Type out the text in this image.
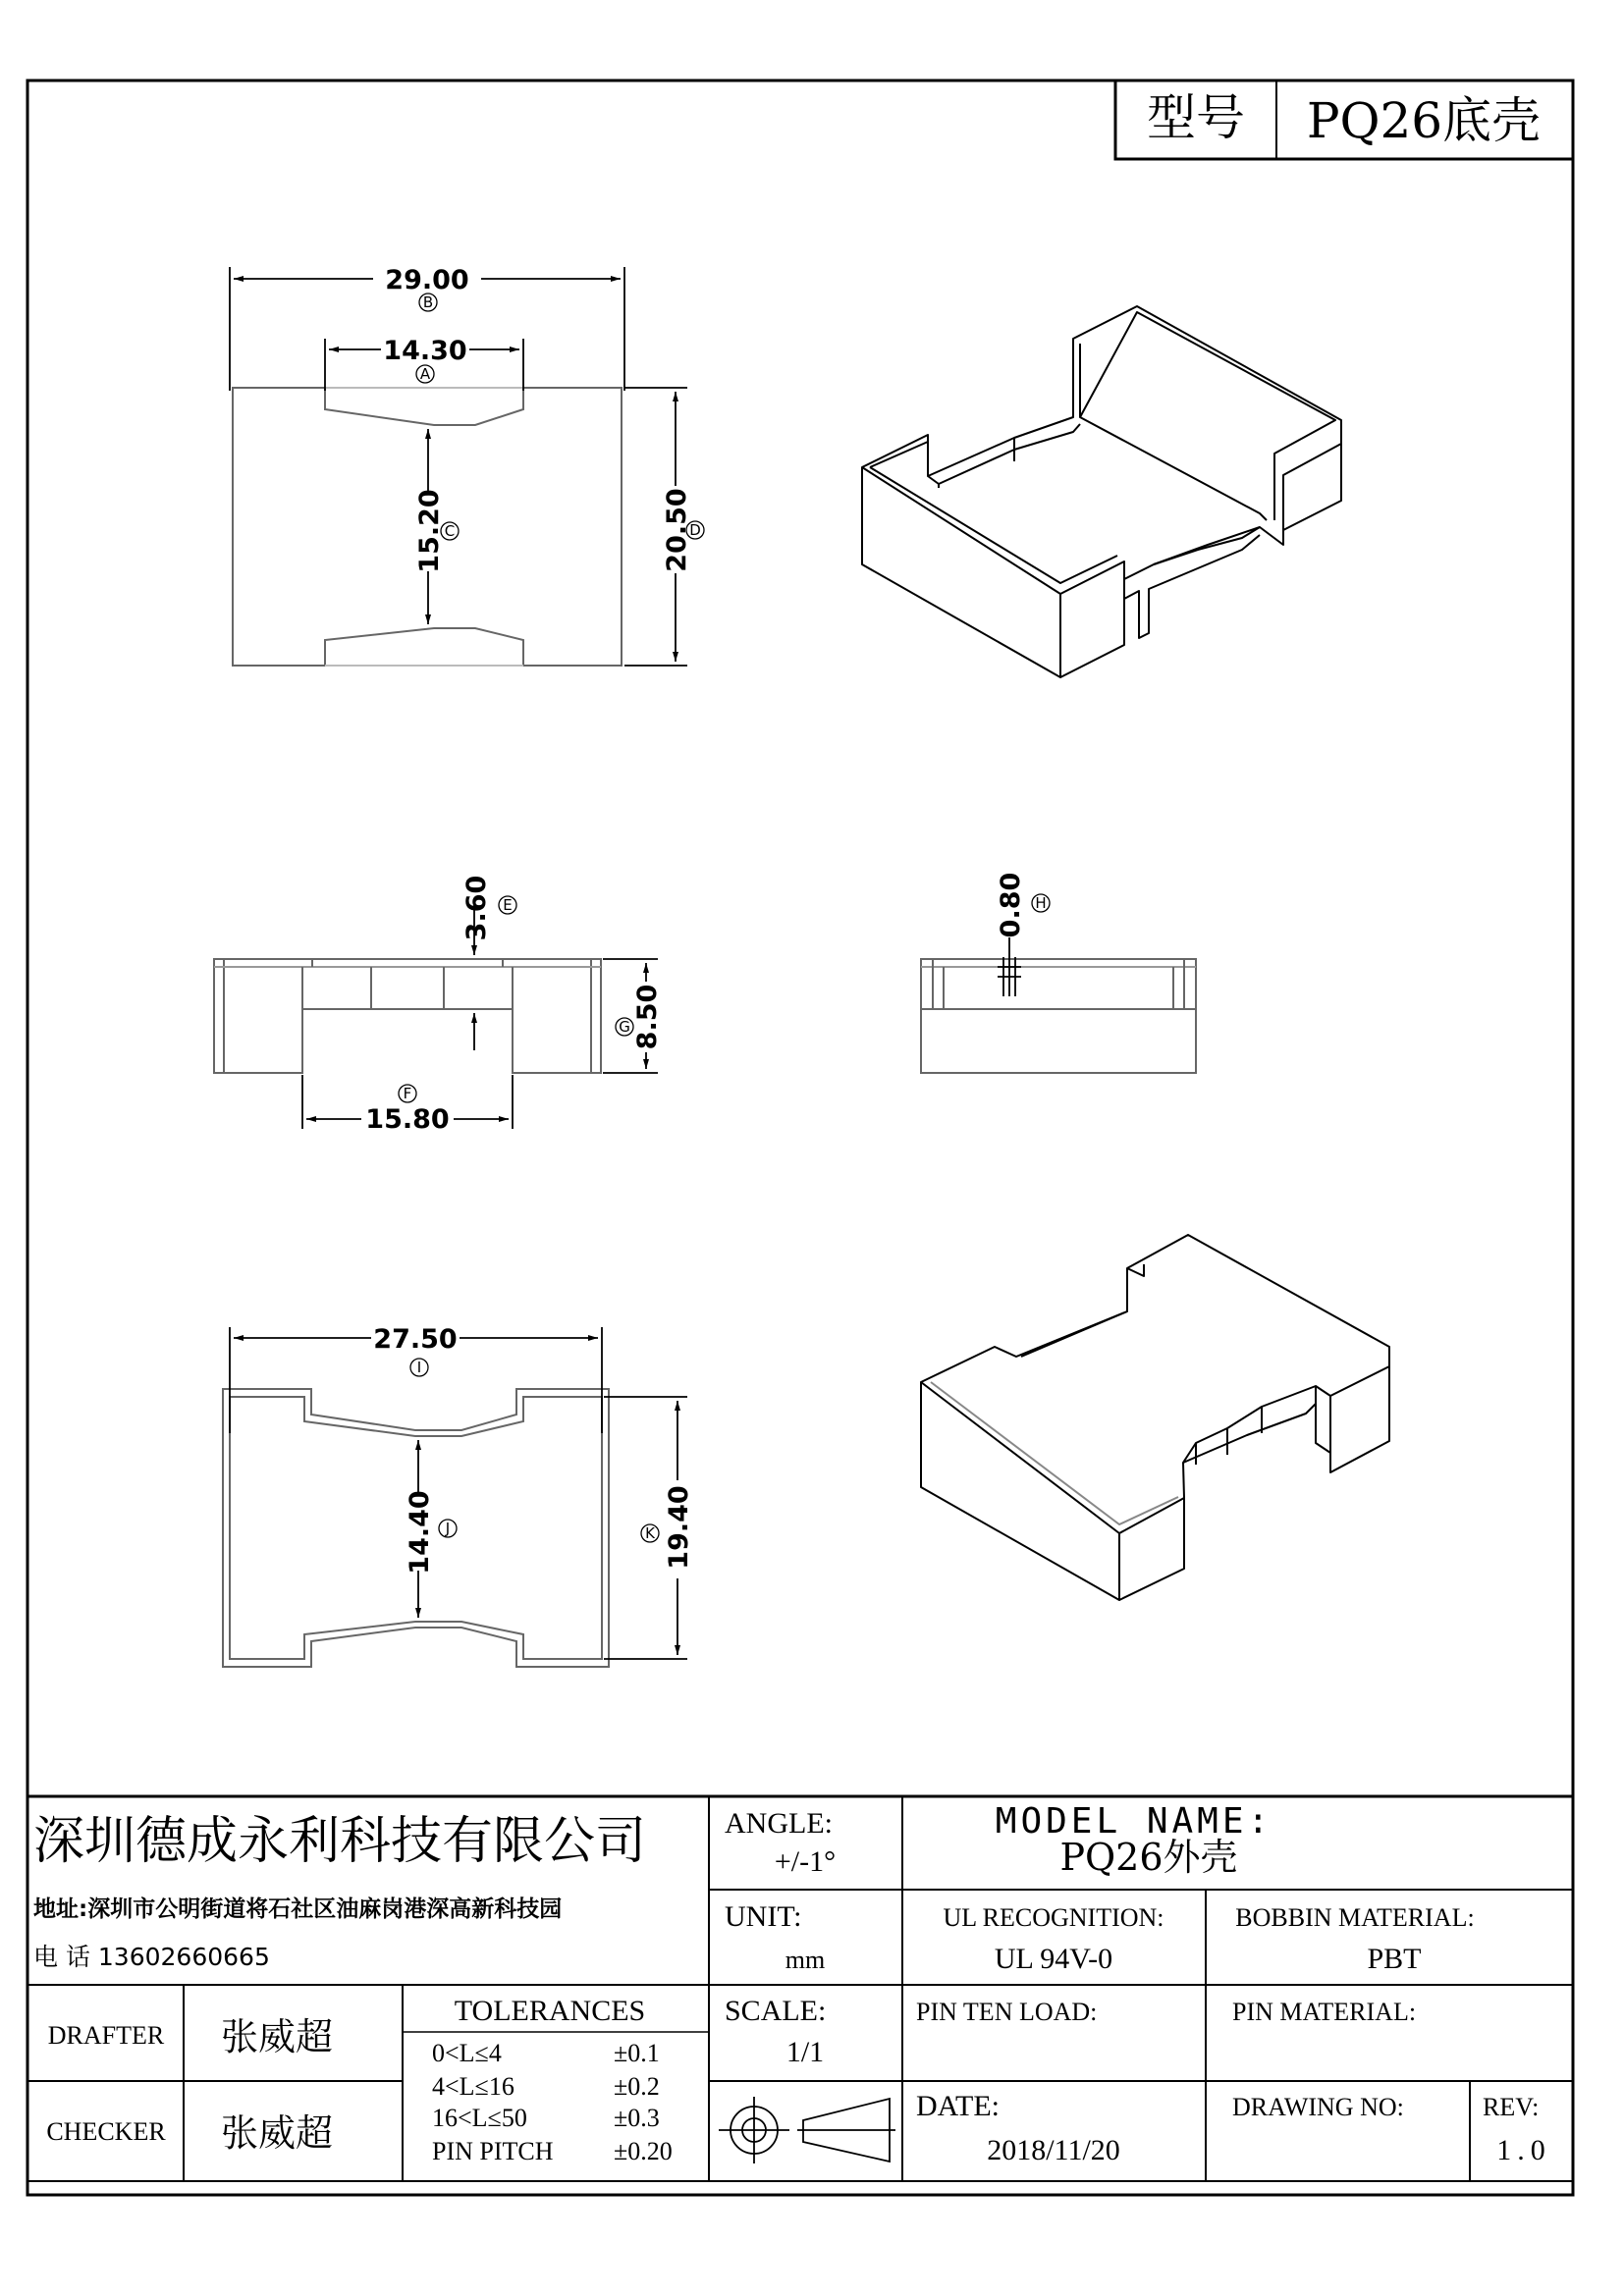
型号 PQ26底壳
29.00
B
14.30
A
15.20 C	20.50
D
3.60 E
15.80
F
8.50
G
0.80 H
27.50
I
14.40 J	19.40
K
深圳德成永利科技有限公司
地址:深圳市公明街道将石社区油麻岗港深高新科技园
电 话 13602660665
ANGLE:
+/-1°
MODEL NAME:
PQ26外壳
UNIT:
mm
UL RECOGNITION:
UL 94V-0
BOBBIN MATERIAL:
PBT
DRAFTER 张威超
CHECKER 张威超
TOLERANCES
0<L≤4	±0.1
4<L≤16	±0.2
16<L≤50	±0.3
PIN PITCH ±0.20
SCALE:
1/1
PIN TEN LOAD:	PIN MATERIAL:
DATE:
2018/11/20
DRAWING NO:	REV:
1.0
